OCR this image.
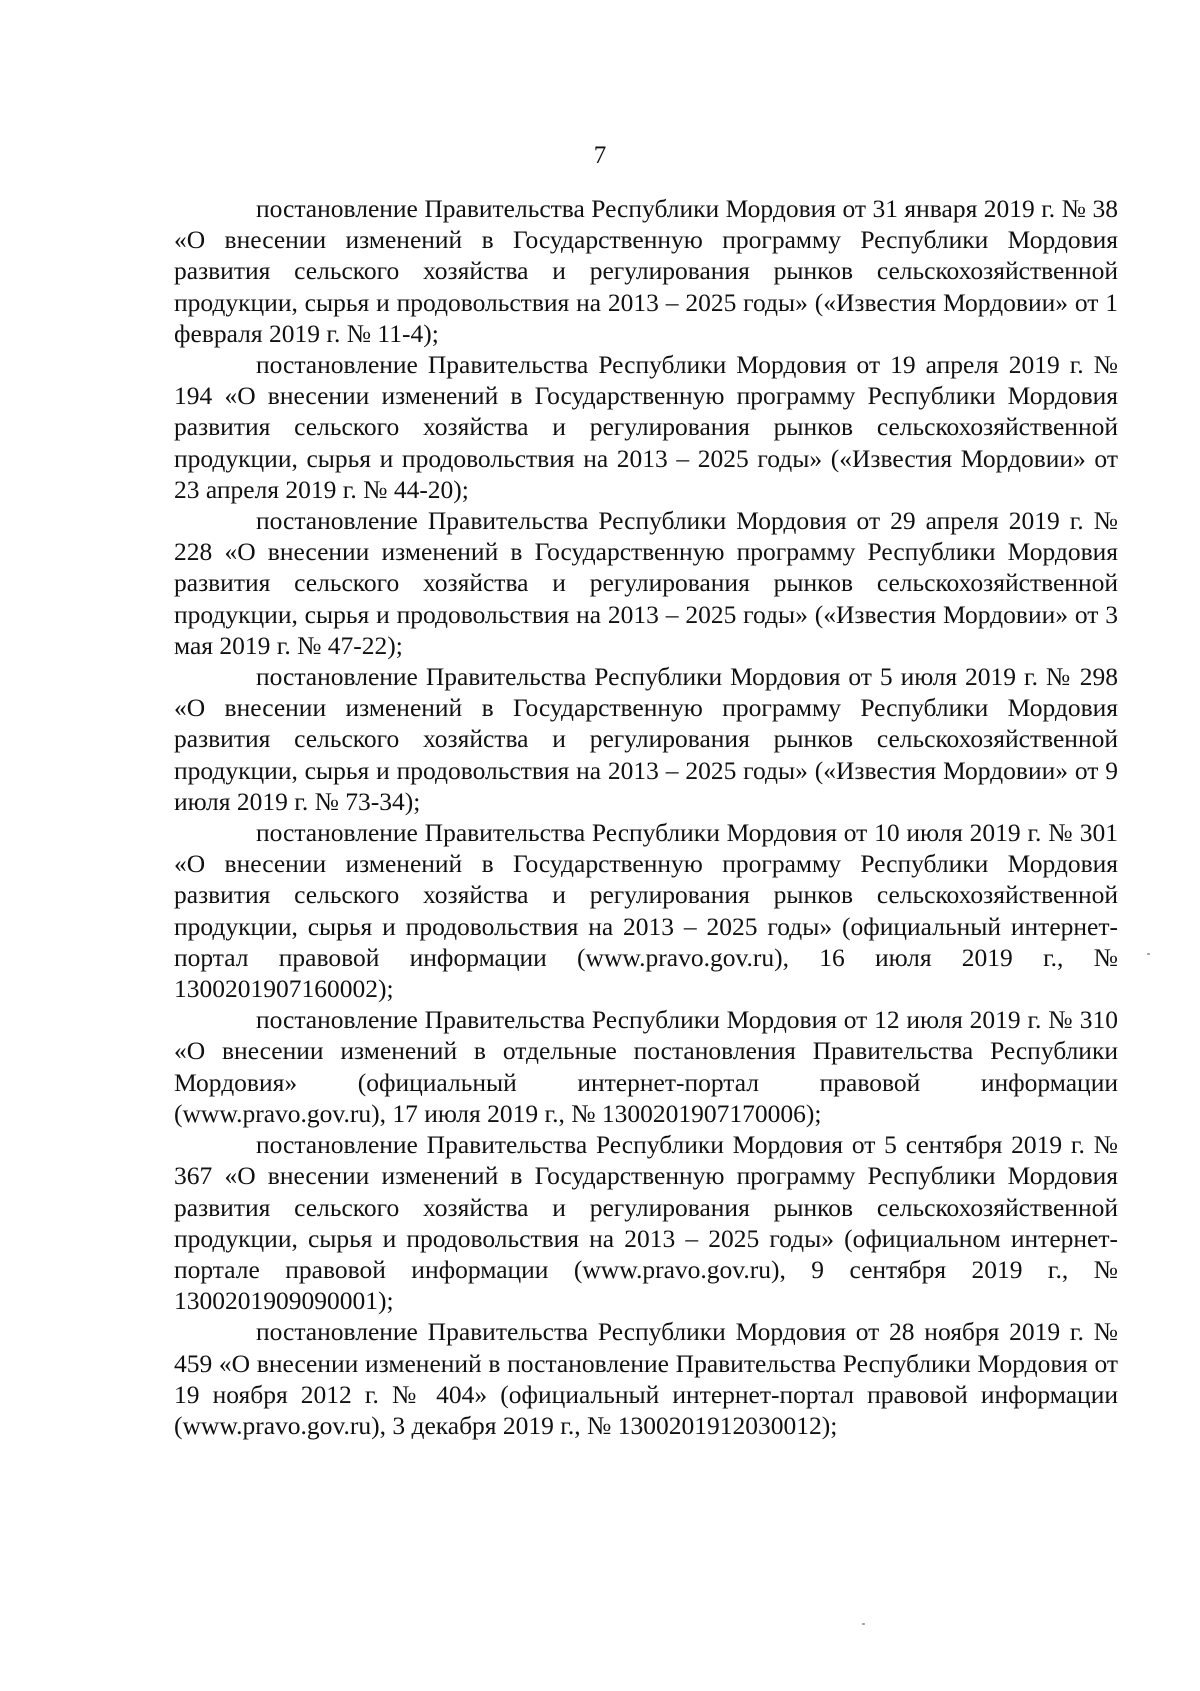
7

постановление Правительства Республики Мордовия от 31 января 2019 г. № 38 «О внесении изменений в Государственную программу Республики Мордовия развития сельского хозяйства и регулирования рынков сельскохозяйственной продукции, сырья и продовольствия на 2013 – 2025 годы» («Известия Мордовии» от 1 февраля 2019 г. № 11-4);

постановление Правительства Республики Мордовия от 19 апреля 2019 г. № 194 «О внесении изменений в Государственную программу Республики Мордовия развития сельского хозяйства и регулирования рынков сельскохозяйственной продукции, сырья и продовольствия на 2013 – 2025 годы» («Известия Мордовии» от 23 апреля 2019 г. № 44-20);

постановление Правительства Республики Мордовия от 29 апреля 2019 г. № 228 «О внесении изменений в Государственную программу Республики Мордовия развития сельского хозяйства и регулирования рынков сельскохозяйственной продукции, сырья и продовольствия на 2013 – 2025 годы» («Известия Мордовии» от 3 мая 2019 г. № 47-22);

постановление Правительства Республики Мордовия от 5 июля 2019 г. № 298 «О внесении изменений в Государственную программу Республики Мордовия развития сельского хозяйства и регулирования рынков сельскохозяйственной продукции, сырья и продовольствия на 2013 – 2025 годы» («Известия Мордовии» от 9 июля 2019 г. № 73-34);

постановление Правительства Республики Мордовия от 10 июля 2019 г. № 301 «О внесении изменений в Государственную программу Республики Мордовия развития сельского хозяйства и регулирования рынков сельскохозяйственной продукции, сырья и продовольствия на 2013 – 2025 годы» (официальный интернет-портал правовой информации (www.pravo.gov.ru), 16 июля 2019 г., № 1300201907160002);

постановление Правительства Республики Мордовия от 12 июля 2019 г. № 310 «О внесении изменений в отдельные постановления Правительства Республики Мордовия» (официальный интернет-портал правовой информации (www.pravo.gov.ru), 17 июля 2019 г., № 1300201907170006);

постановление Правительства Республики Мордовия от 5 сентября 2019 г. № 367 «О внесении изменений в Государственную программу Республики Мордовия развития сельского хозяйства и регулирования рынков сельскохозяйственной продукции, сырья и продовольствия на 2013 – 2025 годы» (официальном интернет-портале правовой информации (www.pravo.gov.ru), 9 сентября 2019 г., № 1300201909090001);

постановление Правительства Республики Мордовия от 28 ноября 2019 г. № 459 «О внесении изменений в постановление Правительства Республики Мордовия от 19 ноября 2012 г. № 404» (официальный интернет-портал правовой информации (www.pravo.gov.ru), 3 декабря 2019 г., № 1300201912030012);
